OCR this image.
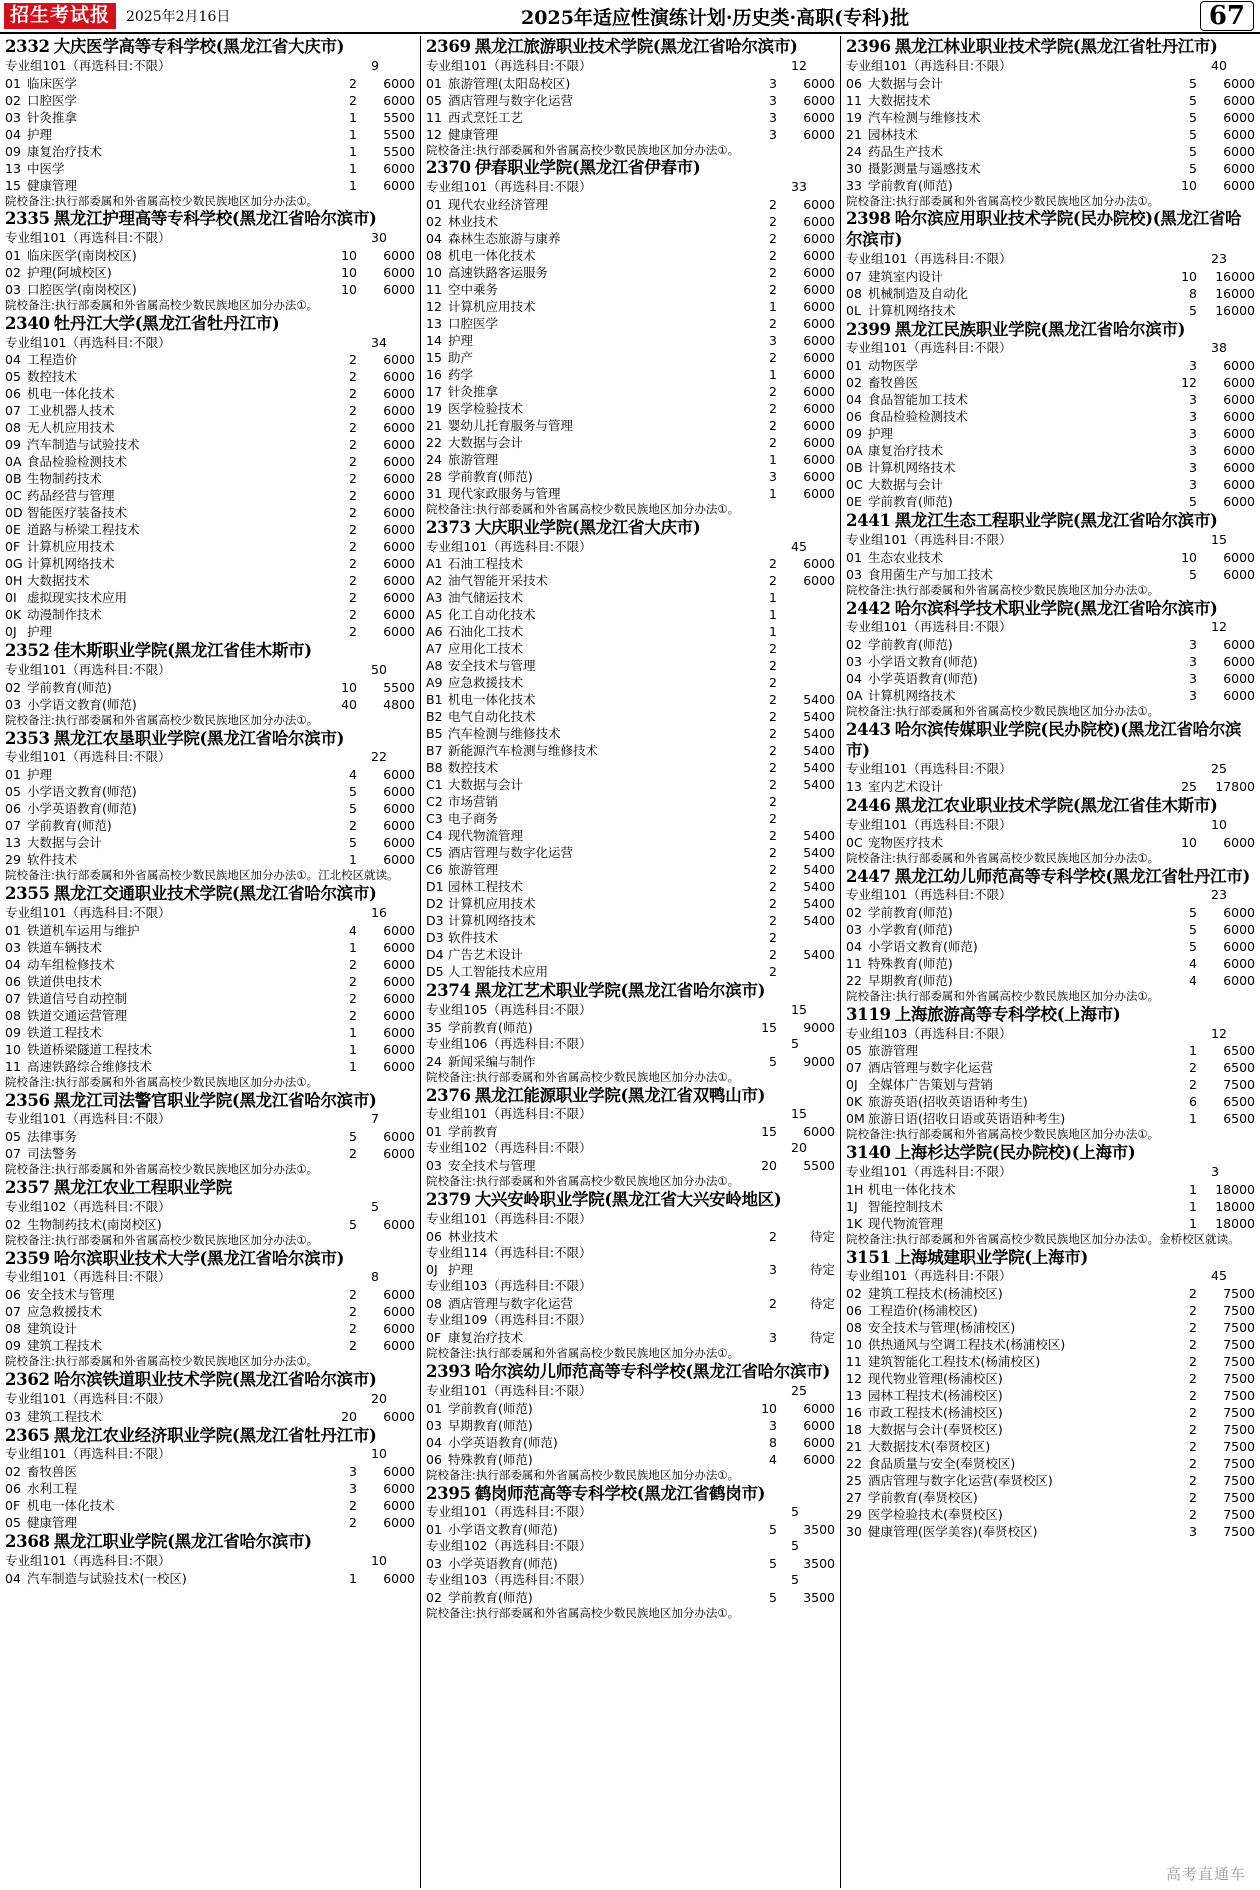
招生考试报	2025年2月16日	2025年适应性演练计划·历史类·高职(专科)批	67
2332 大庆医学高等专科学校(黑龙江省大庆市)
专业组101（再选科目:不限）	9
01 临床医学	2	6000
02 口腔医学	2	6000
03 针灸推拿	1	5500
04 护理	1	5500
09 康复治疗技术	1	5500
13 中医学	1	6000
15 健康管理	1	6000
院校备注:执行部委属和外省属高校少数民族地区加分办法①。
2335 黑龙江护理高等专科学校(黑龙江省哈尔滨市)
专业组101（再选科目:不限）	30
01 临床医学(南岗校区)	10	6000
02 护理(阿城校区)	10	6000
03 口腔医学(南岗校区)	10	6000
院校备注:执行部委属和外省属高校少数民族地区加分办法①。
2340 牡丹江大学(黑龙江省牡丹江市)
专业组101（再选科目:不限）	34
04 工程造价	2	6000
05 数控技术	2	6000
06 机电一体化技术	2	6000
07 工业机器人技术	2	6000
08 无人机应用技术	2	6000
09 汽车制造与试验技术	2	6000
0A 食品检验检测技术	2	6000
0B 生物制药技术	2	6000
0C 药品经营与管理	2	6000
0D 智能医疗装备技术	2	6000
0E 道路与桥梁工程技术	2	6000
0F 计算机应用技术	2	6000
0G 计算机网络技术	2	6000
0H 大数据技术	2	6000
0I 虚拟现实技术应用	2	6000
0K 动漫制作技术	2	6000
0J 护理	2	6000
2352 佳木斯职业学院(黑龙江省佳木斯市)
专业组101（再选科目:不限）	50
02 学前教育(师范)	10	5500
03 小学语文教育(师范)	40	4800
院校备注:执行部委属和外省属高校少数民族地区加分办法①。
2353 黑龙江农垦职业学院(黑龙江省哈尔滨市)
专业组101（再选科目:不限）	22
01 护理	4	6000
05 小学语文教育(师范)	5	6000
06 小学英语教育(师范)	5	6000
07 学前教育(师范)	2	6000
13 大数据与会计	5	6000
29 软件技术	1	6000
院校备注:执行部委属和外省属高校少数民族地区加分办法①。江北校区就读。
2355 黑龙江交通职业技术学院(黑龙江省哈尔滨市)
专业组101（再选科目:不限）	16
01 铁道机车运用与维护	4	6000
03 铁道车辆技术	1	6000
04 动车组检修技术	2	6000
06 铁道供电技术	2	6000
07 铁道信号自动控制	2	6000
08 铁道交通运营管理	2	6000
09 铁道工程技术	1	6000
10 铁道桥梁隧道工程技术	1	6000
11 高速铁路综合维修技术	1	6000
院校备注:执行部委属和外省属高校少数民族地区加分办法①。
2356 黑龙江司法警官职业学院(黑龙江省哈尔滨市)
专业组101（再选科目:不限）	7
05 法律事务	5	6000
07 司法警务	2	6000
院校备注:执行部委属和外省属高校少数民族地区加分办法①。
2357 黑龙江农业工程职业学院
专业组102（再选科目:不限）	5
02 生物制药技术(南岗校区)	5	6000
院校备注:执行部委属和外省属高校少数民族地区加分办法①。
2359 哈尔滨职业技术大学(黑龙江省哈尔滨市)
专业组101（再选科目:不限）	8
06 安全技术与管理	2	6000
07 应急救援技术	2	6000
08 建筑设计	2	6000
09 建筑工程技术	2	6000
院校备注:执行部委属和外省属高校少数民族地区加分办法①。
2362 哈尔滨铁道职业技术学院(黑龙江省哈尔滨市)
专业组101（再选科目:不限）	20
03 建筑工程技术	20	6000
2365 黑龙江农业经济职业学院(黑龙江省牡丹江市)
专业组101（再选科目:不限）	10
02 畜牧兽医	3	6000
06 水利工程	3	6000
0F 机电一体化技术	2	6000
05 健康管理	2	6000
2368 黑龙江职业学院(黑龙江省哈尔滨市)
专业组101（再选科目:不限）	10
04 汽车制造与试验技术(一校区)	1	6000
2369 黑龙江旅游职业技术学院(黑龙江省哈尔滨市)
专业组101（再选科目:不限）	12
01 旅游管理(太阳岛校区)	3	6000
05 酒店管理与数字化运营	3	6000
11 西式烹饪工艺	3	6000
12 健康管理	3	6000
院校备注:执行部委属和外省属高校少数民族地区加分办法①。
2370 伊春职业学院(黑龙江省伊春市)
专业组101（再选科目:不限）	33
01 现代农业经济管理	2	6000
02 林业技术	2	6000
04 森林生态旅游与康养	2	6000
08 机电一体化技术	2	6000
10 高速铁路客运服务	2	6000
11 空中乘务	2	6000
12 计算机应用技术	1	6000
13 口腔医学	2	6000
14 护理	3	6000
15 助产	2	6000
16 药学	1	6000
17 针灸推拿	2	6000
19 医学检验技术	2	6000
21 婴幼儿托育服务与管理	2	6000
22 大数据与会计	2	6000
24 旅游管理	1	6000
28 学前教育(师范)	3	6000
31 现代家政服务与管理	1	6000
院校备注:执行部委属和外省属高校少数民族地区加分办法①。
2373 大庆职业学院(黑龙江省大庆市)
专业组101（再选科目:不限）	45
A1 石油工程技术	2	6000
A2 油气智能开采技术	2	6000
A3 油气储运技术	1
A5 化工自动化技术	1
A6 石油化工技术	1
A7 应用化工技术	2
A8 安全技术与管理	2
A9 应急救援技术	2
B1 机电一体化技术	2	5400
B2 电气自动化技术	2	5400
B5 汽车检测与维修技术	2	5400
B7 新能源汽车检测与维修技术	2	5400
B8 数控技术	2	5400
C1 大数据与会计	2	5400
C2 市场营销	2
C3 电子商务	2
C4 现代物流管理	2	5400
C5 酒店管理与数字化运营	2	5400
C6 旅游管理	2	5400
D1 园林工程技术	2	5400
D2 计算机应用技术	2	5400
D3 计算机网络技术	2	5400
D3 软件技术	2
D4 广告艺术设计	2	5400
D5 人工智能技术应用	2
2374 黑龙江艺术职业学院(黑龙江省哈尔滨市)
专业组105（再选科目:不限）	15
35 学前教育(师范)	15	9000
专业组106（再选科目:不限）	5
24 新闻采编与制作	5	9000
院校备注:执行部委属和外省属高校少数民族地区加分办法①。
2376 黑龙江能源职业学院(黑龙江省双鸭山市)
专业组101（再选科目:不限）	15
01 学前教育	15	6000
专业组102（再选科目:不限）	20
03 安全技术与管理	20	5500
院校备注:执行部委属和外省属高校少数民族地区加分办法①。
2379 大兴安岭职业学院(黑龙江省大兴安岭地区)
专业组101（再选科目:不限）
06 林业技术	2	待定
专业组114（再选科目:不限）
0J 护理	3	待定
专业组103（再选科目:不限）
08 酒店管理与数字化运营	2	待定
专业组109（再选科目:不限）
0F 康复治疗技术	3	待定
院校备注:执行部委属和外省属高校少数民族地区加分办法①。
2393 哈尔滨幼儿师范高等专科学校(黑龙江省哈尔滨市)
专业组101（再选科目:不限）	25
01 学前教育(师范)	10	6000
03 早期教育(师范)	3	6000
04 小学英语教育(师范)	8	6000
06 特殊教育(师范)	4	6000
院校备注:执行部委属和外省属高校少数民族地区加分办法①。
2395 鹤岗师范高等专科学校(黑龙江省鹤岗市)
专业组101（再选科目:不限）	5
01 小学语文教育(师范)	5	3500
专业组102（再选科目:不限）	5
03 小学英语教育(师范)	5	3500
专业组103（再选科目:不限）	5
02 学前教育(师范)	5	3500
院校备注:执行部委属和外省属高校少数民族地区加分办法①。
2396 黑龙江林业职业技术学院(黑龙江省牡丹江市)
专业组101（再选科目:不限）	40
06 大数据与会计	5	6000
11 大数据技术	5	6000
19 汽车检测与维修技术	5	6000
21 园林技术	5	6000
24 药品生产技术	5	6000
30 摄影测量与遥感技术	5	6000
33 学前教育(师范)	10	6000
院校备注:执行部委属和外省属高校少数民族地区加分办法①。
2398 哈尔滨应用职业技术学院(民办院校)(黑龙江省哈尔滨市)
专业组101（再选科目:不限）	23
07 建筑室内设计	10	16000
08 机械制造及自动化	8	16000
0L 计算机网络技术	5	16000
2399 黑龙江民族职业学院(黑龙江省哈尔滨市)
专业组101（再选科目:不限）	38
01 动物医学	3	6000
02 畜牧兽医	12	6000
04 食品智能加工技术	3	6000
06 食品检验检测技术	3	6000
09 护理	3	6000
0A 康复治疗技术	3	6000
0B 计算机网络技术	3	6000
0C 大数据与会计	3	6000
0E 学前教育(师范)	5	6000
2441 黑龙江生态工程职业学院(黑龙江省哈尔滨市)
专业组101（再选科目:不限）	15
01 生态农业技术	10	6000
03 食用菌生产与加工技术	5	6000
院校备注:执行部委属和外省属高校少数民族地区加分办法①。
2442 哈尔滨科学技术职业学院(黑龙江省哈尔滨市)
专业组101（再选科目:不限）	12
02 学前教育(师范)	3	6000
03 小学语文教育(师范)	3	6000
04 小学英语教育(师范)	3	6000
0A 计算机网络技术	3	6000
院校备注:执行部委属和外省属高校少数民族地区加分办法①。
2443 哈尔滨传媒职业学院(民办院校)(黑龙江省哈尔滨市)
专业组101（再选科目:不限）	25
13 室内艺术设计	25	17800
2446 黑龙江农业职业技术学院(黑龙江省佳木斯市)
专业组101（再选科目:不限）	10
0C 宠物医疗技术	10	6000
院校备注:执行部委属和外省属高校少数民族地区加分办法①。
2447 黑龙江幼儿师范高等专科学校(黑龙江省牡丹江市)
专业组101（再选科目:不限）	23
02 学前教育(师范)	5	6000
03 小学教育(师范)	5	6000
04 小学语文教育(师范)	5	6000
11 特殊教育(师范)	4	6000
22 早期教育(师范)	4	6000
院校备注:执行部委属和外省属高校少数民族地区加分办法①。
3119 上海旅游高等专科学校(上海市)
专业组103（再选科目:不限）	12
05 旅游管理	1	6500
07 酒店管理与数字化运营	2	6500
0J 全媒体广告策划与营销	2	7500
0K 旅游英语(招收英语语种考生)	6	6500
0M 旅游日语(招收日语或英语语种考生)	1	6500
院校备注:执行部委属和外省属高校少数民族地区加分办法①。
3140 上海杉达学院(民办院校)(上海市)
专业组101（再选科目:不限）	3
1H 机电一体化技术	1	18000
1J 智能控制技术	1	18000
1K 现代物流管理	1	18000
院校备注:执行部委属和外省属高校少数民族地区加分办法①。金桥校区就读。
3151 上海城建职业学院(上海市)
专业组101（再选科目:不限）	45
02 建筑工程技术(杨浦校区)	2	7500
06 工程造价(杨浦校区)	2	7500
08 安全技术与管理(杨浦校区)	2	7500
10 供热通风与空调工程技术(杨浦校区)	2	7500
11 建筑智能化工程技术(杨浦校区)	2	7500
12 现代物业管理(杨浦校区)	2	7500
13 园林工程技术(杨浦校区)	2	7500
16 市政工程技术(杨浦校区)	2	7500
18 大数据与会计(奉贤校区)	2	7500
21 大数据技术(奉贤校区)	2	7500
22 食品质量与安全(奉贤校区)	2	7500
25 酒店管理与数字化运营(奉贤校区)	2	7500
27 学前教育(奉贤校区)	2	7500
29 医学检验技术(奉贤校区)	2	7500
30 健康管理(医学美容)(奉贤校区)	3	7500
高考直通车
